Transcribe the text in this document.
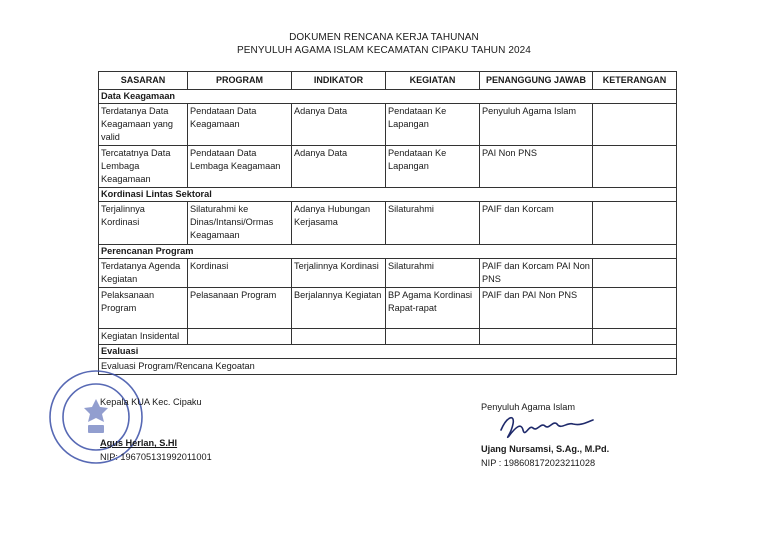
DOKUMEN RENCANA KERJA TAHUNAN
PENYULUH AGAMA ISLAM KECAMATAN CIPAKU TAHUN 2024
SASARAN	PROGRAM	INDIKATOR	KEGIATAN	PENANGGUNG JAWAB	KETERANGAN
Data Keagamaan					
Terdatanya Data Keagamaan yang valid	Pendataan Data Keagamaan	Adanya Data	Pendataan Ke Lapangan	Penyuluh Agama Islam	
Tercatatnya Data Lembaga Keagamaan	Pendataan Data Lembaga Keagamaan	Adanya Data	Pendataan Ke Lapangan	PAI Non PNS	
Kordinasi Lintas Sektoral					
Terjalinnya Kordinasi	Silaturahmi ke Dinas/Intansi/Ormas Keagamaan	Adanya Hubungan Kerjasama	Silaturahmi	PAIF dan Korcam	
Perencanan Program					
Terdatanya Agenda Kegiatan	Kordinasi	Terjalinnya Kordinasi	Silaturahmi	PAIF dan Korcam PAI Non PNS	
Pelaksanaan Program	Pelasanaan Program	Berjalannya Kegiatan	BP Agama Kordinasi Rapat-rapat	PAIF dan PAI Non PNS	
Kegiatan Insidental					
Evaluasi					
Evaluasi Program/Rencana Kegoatan					
Kepala KUA Kec. Cipaku
Agus Herlan, S.HI
NIP: 196705131992011001
Penyuluh Agama Islam
Ujang Nursamsi, S.Ag., M.Pd.
NIP : 198608172023211028
